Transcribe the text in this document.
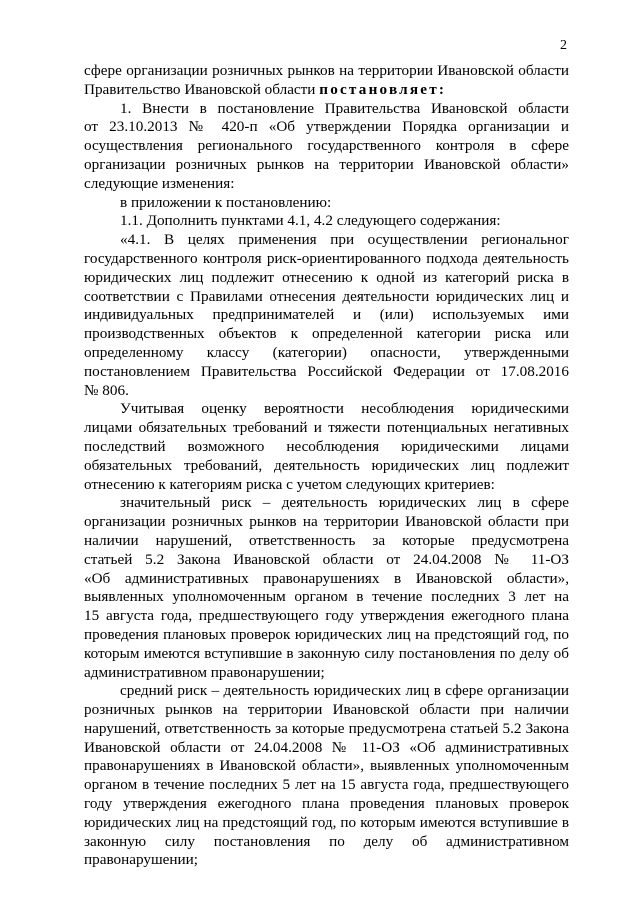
2
сфере организации розничных рынков на территории Ивановской области
Правительство Ивановской области постановляет:
1. Внести в постановление Правительства Ивановской области
от 23.10.2013 № 420-п «Об утверждении Порядка организации и
осуществления регионального государственного контроля в сфере
организации розничных рынков на территории Ивановской области»
следующие изменения:
в приложении к постановлению:
1.1. Дополнить пунктами 4.1, 4.2 следующего содержания:
«4.1. В целях применения при осуществлении региональног
государственного контроля риск-ориентированного подхода деятельность
юридических лиц подлежит отнесению к одной из категорий риска в
соответствии с Правилами отнесения деятельности юридических лиц и
индивидуальных предпринимателей и (или) используемых ими
производственных объектов к определенной категории риска или
определенному классу (категории) опасности, утвержденными
постановлением Правительства Российской Федерации от 17.08.2016
№ 806.
Учитывая оценку вероятности несоблюдения юридическими
лицами обязательных требований и тяжести потенциальных негативных
последствий возможного несоблюдения юридическими лицами
обязательных требований, деятельность юридических лиц подлежит
отнесению к категориям риска с учетом следующих критериев:
значительный риск – деятельность юридических лиц в сфере
организации розничных рынков на территории Ивановской области при
наличии нарушений, ответственность за которые предусмотрена
статьей 5.2 Закона Ивановской области от 24.04.2008 № 11-ОЗ
«Об административных правонарушениях в Ивановской области»,
выявленных уполномоченным органом в течение последних 3 лет на
15 августа года, предшествующего году утверждения ежегодного плана
проведения плановых проверок юридических лиц на предстоящий год, по
которым имеются вступившие в законную силу постановления по делу об
административном правонарушении;
средний риск – деятельность юридических лиц в сфере организации
розничных рынков на территории Ивановской области при наличии
нарушений, ответственность за которые предусмотрена статьей 5.2 Закона
Ивановской области от 24.04.2008 № 11-ОЗ «Об административных
правонарушениях в Ивановской области», выявленных уполномоченным
органом в течение последних 5 лет на 15 августа года, предшествующего
году утверждения ежегодного плана проведения плановых проверок
юридических лиц на предстоящий год, по которым имеются вступившие в
законную силу постановления по делу об административном
правонарушении;
